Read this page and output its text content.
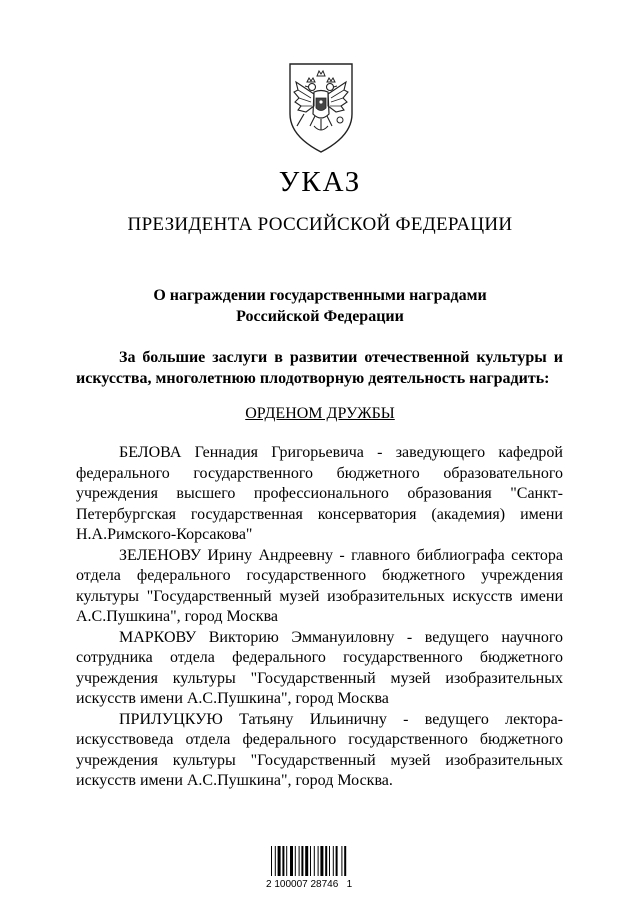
УКАЗ
ПРЕЗИДЕНТА РОССИЙСКОЙ ФЕДЕРАЦИИ
О награждении государственными наградами
Российской Федерации
За большие заслуги в развитии отечественной культуры и
искусства, многолетнюю плодотворную деятельность наградить:
ОРДЕНОМ ДРУЖБЫ

БЕЛОВА Геннадия Григорьевича - заведующего кафедрой федерального государственного бюджетного образовательного учреждения высшего профессионального образования "Санкт-Петербургская государственная консерватория (академия) имени Н.А.Римского-Корсакова"

ЗЕЛЕНОВУ Ирину Андреевну - главного библиографа сектора отдела федерального государственного бюджетного учреждения культуры "Государственный музей изобразительных искусств имени А.С.Пушкина", город Москва

МАРКОВУ Викторию Эммануиловну - ведущего научного сотрудника отдела федерального государственного бюджетного учреждения культуры "Государственный музей изобразительных искусств имени А.С.Пушкина", город Москва

ПРИЛУЦКУЮ Татьяну Ильиничну - ведущего лектора-искусствоведа отдела федерального государственного бюджетного учреждения культуры "Государственный музей изобразительных искусств имени А.С.Пушкина", город Москва.

2 100007 28746   1
